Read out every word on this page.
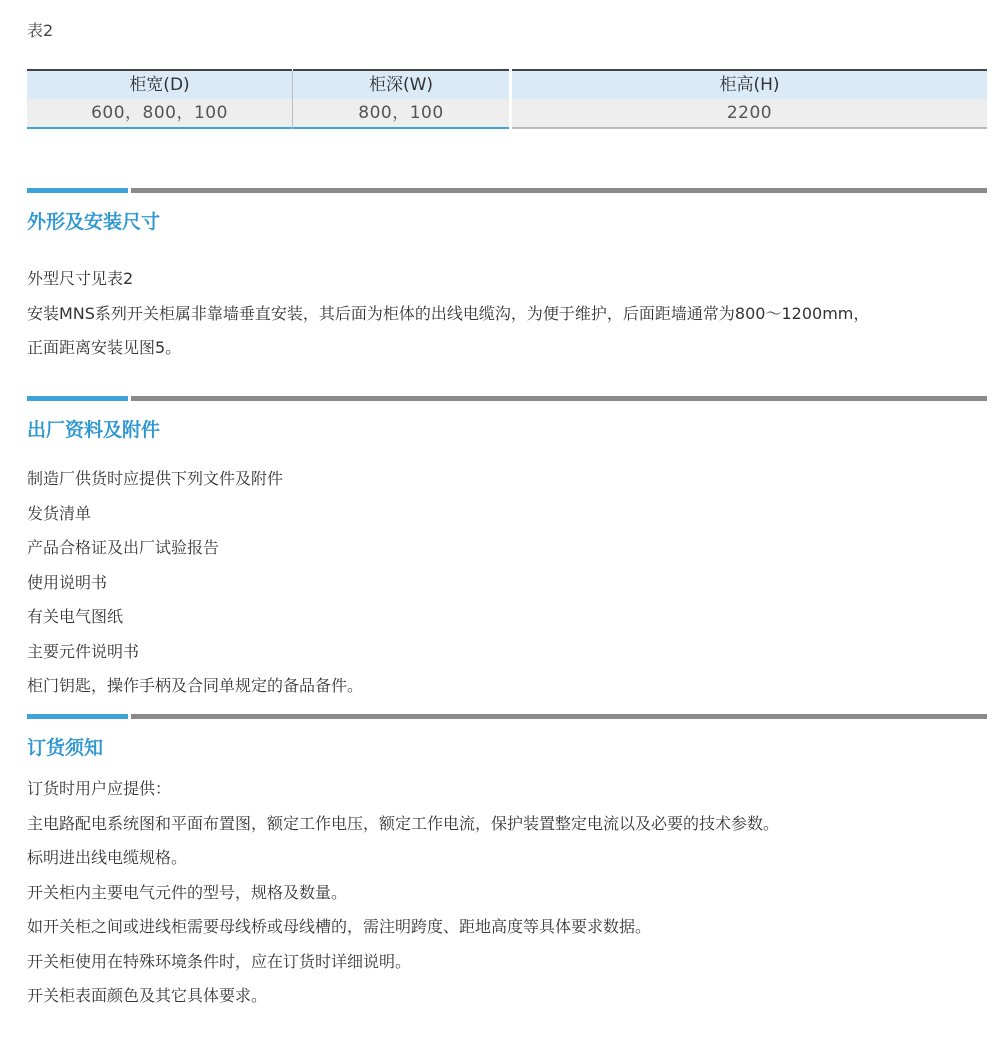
表2
柜宽(D)
600，800，100
柜深(W)
800，100
柜高(H)
2200
外形及安装尺寸
外型尺寸见表2
安装MNS系列开关柜属非靠墙垂直安装，其后面为柜体的出线电缆沟，为便于维护，后面距墙通常为800～1200mm，
正面距离安装见图5。
出厂资料及附件
制造厂供货时应提供下列文件及附件
发货清单
产品合格证及出厂试验报告
使用说明书
有关电气图纸
主要元件说明书
柜门钥匙，操作手柄及合同单规定的备品备件。
订货须知
订货时用户应提供：
主电路配电系统图和平面布置图，额定工作电压，额定工作电流，保护装置整定电流以及必要的技术参数。
标明进出线电缆规格。
开关柜内主要电气元件的型号，规格及数量。
如开关柜之间或进线柜需要母线桥或母线槽的，需注明跨度、距地高度等具体要求数据。
开关柜使用在特殊环境条件时，应在订货时详细说明。
开关柜表面颜色及其它具体要求。
